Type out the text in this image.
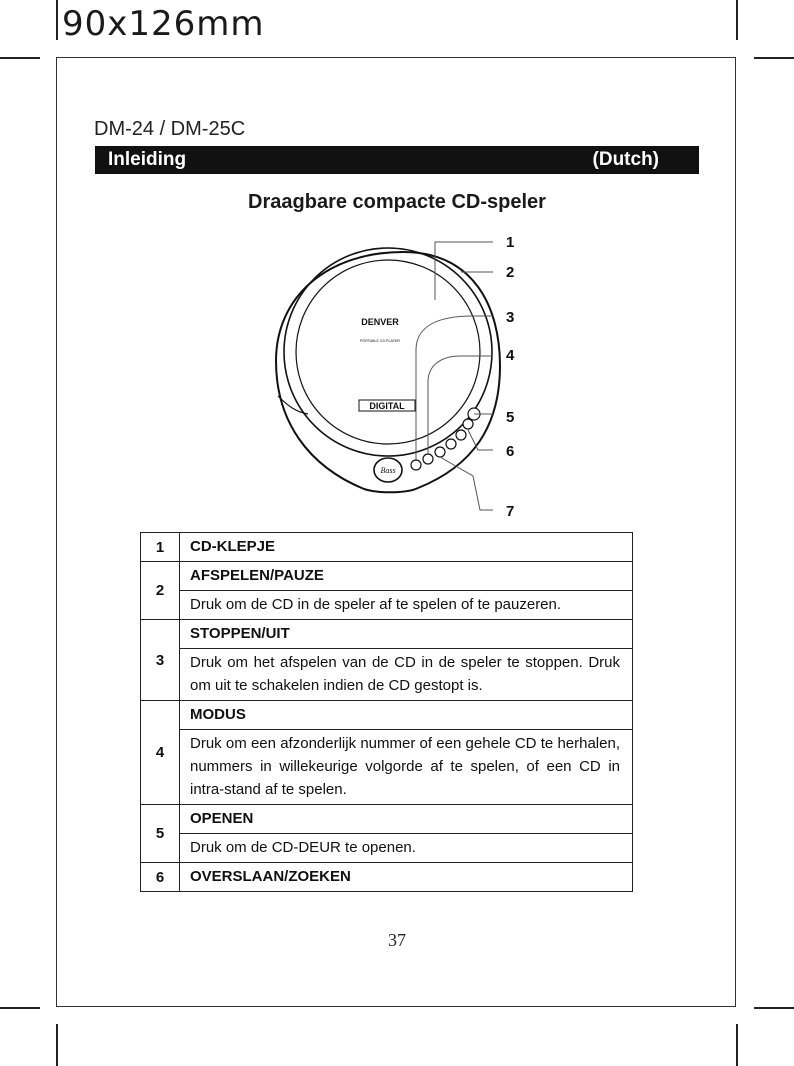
90x126mm
DM-24 / DM-25C
Inleiding	(Dutch)
Draagbare compacte CD-speler
DENVER
PORTABLE CD PLAYER
DIGITAL
Bass
1
2
3
4
5
6
7
1	CD-KLEPJE
2	AFSPELEN/PAUZE
	Druk om de CD in de speler af te spelen of te pauzeren.
3	STOPPEN/UIT
	Druk om het afspelen van de CD in de speler te stoppen. Druk om uit te schakelen indien de CD gestopt is.
4	MODUS
	Druk om een afzonderlijk nummer of een gehele CD te herhalen, nummers in willekeurige volgorde af te spelen, of een CD in intra-stand af te spelen.
5	OPENEN
	Druk om de CD-DEUR te openen.
6	OVERSLAAN/ZOEKEN
37
